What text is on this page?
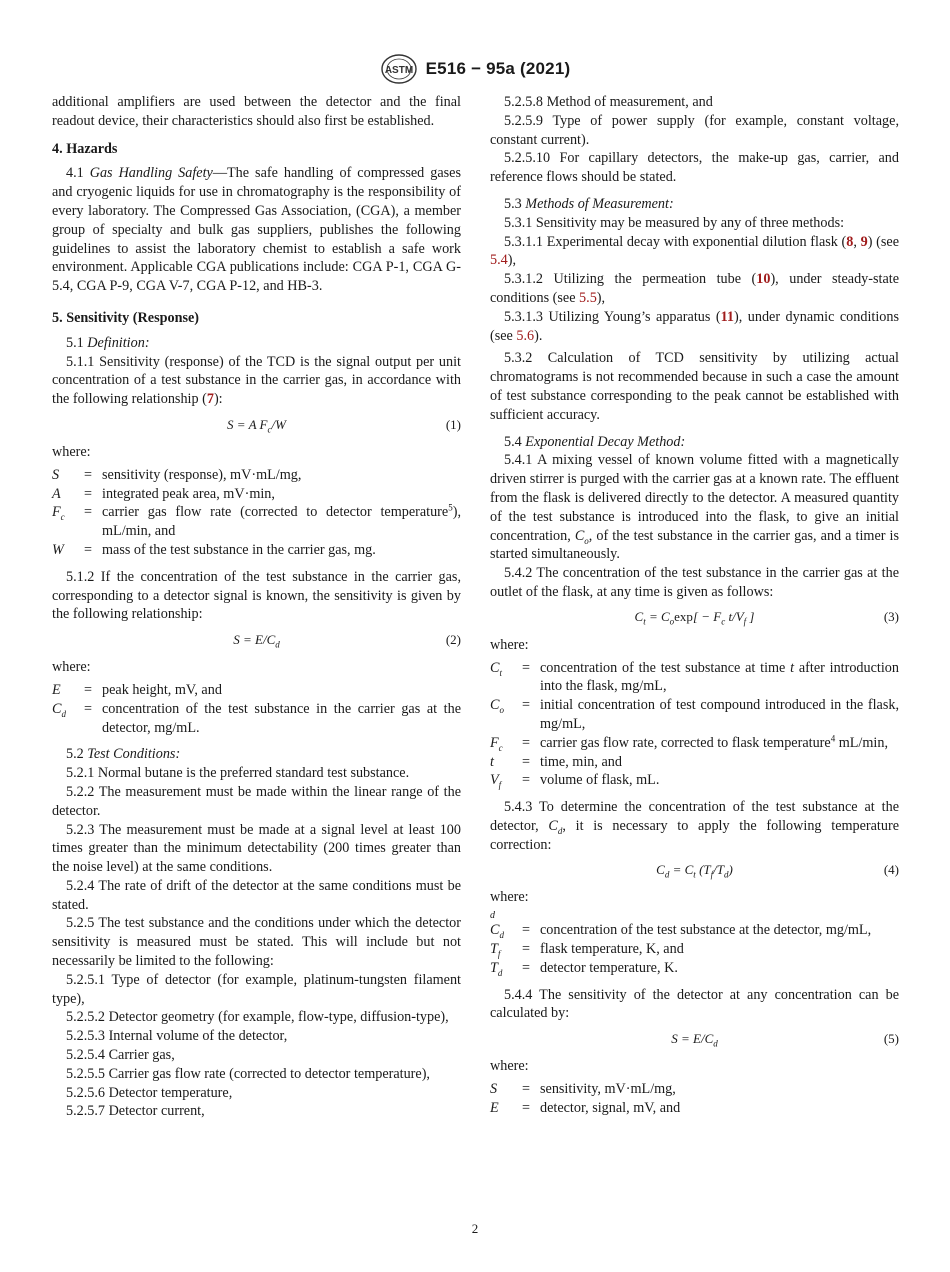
ASTM E516 − 95a (2021)

additional amplifiers are used between the detector and the final readout device, their characteristics should also first be established.

4. Hazards

4.1 Gas Handling Safety—The safe handling of compressed gases and cryogenic liquids for use in chromatography is the responsibility of every laboratory. The Compressed Gas Association, (CGA), a member group of specialty and bulk gas suppliers, publishes the following guidelines to assist the laboratory chemist to establish a safe work environment. Applicable CGA publications include: CGA P-1, CGA G-5.4, CGA P-9, CGA V-7, CGA P-12, and HB-3.

5. Sensitivity (Response)

5.1 Definition:

5.1.1 Sensitivity (response) of the TCD is the signal output per unit concentration of a test substance in the carrier gas, in accordance with the following relationship (7):

S = A $F_c/W$	(1)

where:

S	= sensitivity (response), mV·mL/mg,
A	= integrated peak area, mV·min,
$F_c$	= carrier gas flow rate (corrected to detector temperature$^5$), mL/min, and
W	= mass of the test substance in the carrier gas, mg.

5.1.2 If the concentration of the test substance in the carrier gas, corresponding to a detector signal is known, the sensitivity is given by the following relationship:

$S = E/C_d$	(2)

where:

E	= peak height, mV, and
$C_d$	= concentration of the test substance in the carrier gas at the detector, mg/mL.

5.2 Test Conditions:

5.2.1 Normal butane is the preferred standard test substance.

5.2.2 The measurement must be made within the linear range of the detector.

5.2.3 The measurement must be made at a signal level at least 100 times greater than the minimum detectability (200 times greater than the noise level) at the same conditions.

5.2.4 The rate of drift of the detector at the same conditions must be stated.

5.2.5 The test substance and the conditions under which the detector sensitivity is measured must be stated. This will include but not necessarily be limited to the following:

5.2.5.1 Type of detector (for example, platinum-tungsten filament type),

5.2.5.2 Detector geometry (for example, flow-type, diffusion-type),

5.2.5.3 Internal volume of the detector,

5.2.5.4 Carrier gas,

5.2.5.5 Carrier gas flow rate (corrected to detector temperature),

5.2.5.6 Detector temperature,

5.2.5.7 Detector current,

5.2.5.8 Method of measurement, and

5.2.5.9 Type of power supply (for example, constant voltage, constant current).

5.2.5.10 For capillary detectors, the make-up gas, carrier, and reference flows should be stated.

5.3 Methods of Measurement:

5.3.1 Sensitivity may be measured by any of three methods:

5.3.1.1 Experimental decay with exponential dilution flask (8, 9) (see 5.4),

5.3.1.2 Utilizing the permeation tube (10), under steady-state conditions (see 5.5),

5.3.1.3 Utilizing Young’s apparatus (11), under dynamic conditions (see 5.6).

5.3.2 Calculation of TCD sensitivity by utilizing actual chromatograms is not recommended because in such a case the amount of test substance corresponding to the peak cannot be established with sufficient accuracy.

5.4 Exponential Decay Method:

5.4.1 A mixing vessel of known volume fitted with a magnetically driven stirrer is purged with the carrier gas at a known rate. The effluent from the flask is delivered directly to the detector. A measured quantity of the test substance is introduced into the flask, to give an initial concentration, $C_o$, of the test substance in the carrier gas, and a timer is started simultaneously.

5.4.2 The concentration of the test substance in the carrier gas at the outlet of the flask, at any time is given as follows:

$C_t = C_o\exp[ - F_c$ $t/V_f$ ]	(3)

where:

$C_t$	= concentration of the test substance at time t after introduction into the flask, mg/mL,
$C_o$	= initial concentration of test compound introduced in the flask, mg/mL,
$F_c$	= carrier gas flow rate, corrected to flask temperature$^4$ mL/min,
t	= time, min, and
$V_f$	= volume of flask, mL.

5.4.3 To determine the concentration of the test substance at the detector, $C_d$, it is necessary to apply the following temperature correction:

$C_d = C_t$ $(T_f/T_d)$	(4)

where:

d
$C_d$	= concentration of the test substance at the detector, mg/mL,
$T_f$	= flask temperature, K, and
$T_d$	= detector temperature, K.

5.4.4 The sensitivity of the detector at any concentration can be calculated by:

$S = E/C_d$	(5)

where:

S	= sensitivity, mV·mL/mg,
E	= detector, signal, mV, and
2
